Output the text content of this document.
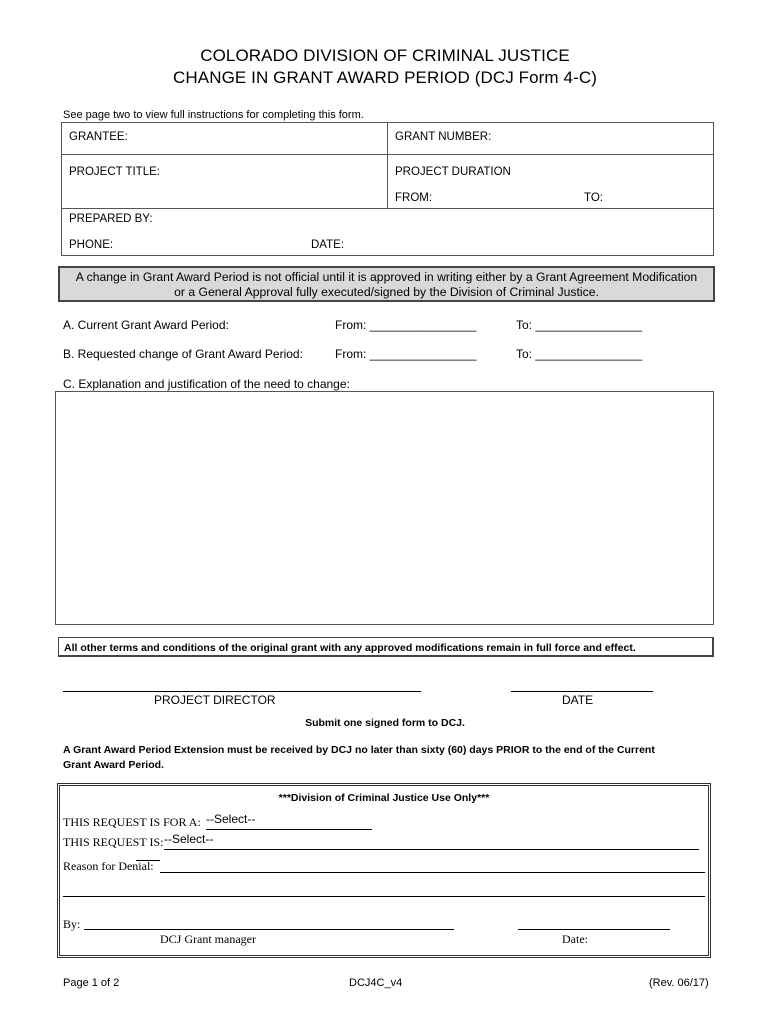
COLORADO DIVISION OF CRIMINAL JUSTICE
CHANGE IN GRANT AWARD PERIOD (DCJ Form 4-C)
See page two to view full instructions for completing this form.
GRANTEE:	GRANT NUMBER:
PROJECT TITLE:	PROJECT DURATION
FROM:	TO:
PREPARED BY:
PHONE:	DATE:
A change in Grant Award Period is not official until it is approved in writing either by a Grant Agreement Modification
or a General Approval fully executed/signed by the Division of Criminal Justice.
A. Current Grant Award Period:	From: ________________	To: ________________
B. Requested change of Grant Award Period:	From: ________________	To: ________________
C. Explanation and justification of the need to change:
All other terms and conditions of the original grant with any approved modifications remain in full force and effect.
PROJECT DIRECTOR	DATE
Submit one signed form to DCJ.
A Grant Award Period Extension must be received by DCJ no later than sixty (60) days PRIOR to the end of the Current
Grant Award Period.
***Division of Criminal Justice Use Only***
THIS REQUEST IS FOR A: --Select--
THIS REQUEST IS: --Select--
Reason for Denial:
By:
DCJ Grant manager	Date:
Page 1 of 2	DCJ4C_v4	(Rev. 06/17)
